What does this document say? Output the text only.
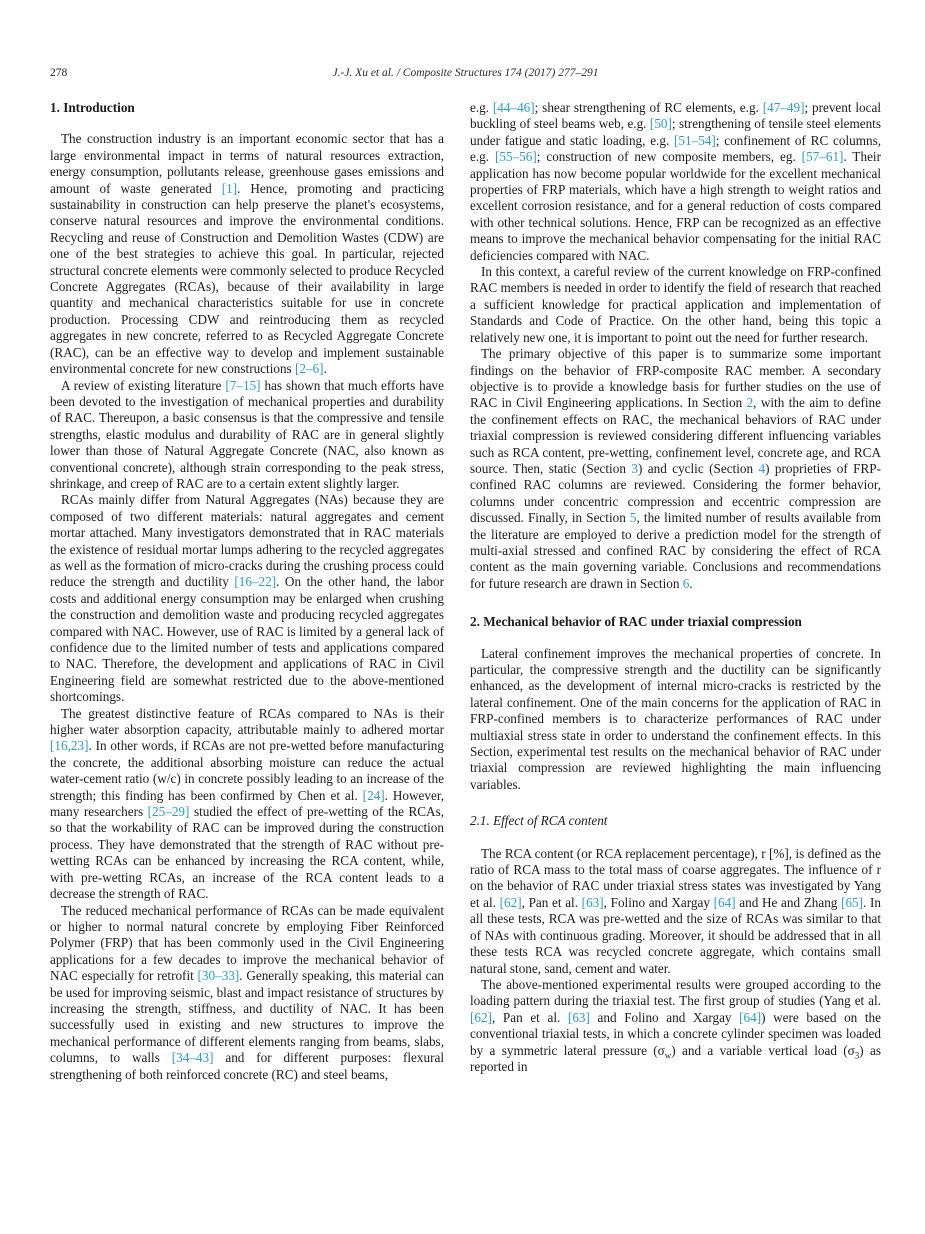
278	J.-J. Xu et al. / Composite Structures 174 (2017) 277–291
1. Introduction

The construction industry is an important economic sector that has a large environmental impact in terms of natural resources extraction, energy consumption, pollutants release, greenhouse gases emissions and amount of waste generated [1]. Hence, promoting and practicing sustainability in construction can help preserve the planet's ecosystems, conserve natural resources and improve the environmental conditions. Recycling and reuse of Construction and Demolition Wastes (CDW) are one of the best strategies to achieve this goal. In particular, rejected structural concrete elements were commonly selected to produce Recycled Concrete Aggregates (RCAs), because of their availability in large quantity and mechanical characteristics suitable for use in concrete production. Processing CDW and reintroducing them as recycled aggregates in new concrete, referred to as Recycled Aggregate Concrete (RAC), can be an effective way to develop and implement sustainable environmental concrete for new constructions [2–6].

A review of existing literature [7–15] has shown that much efforts have been devoted to the investigation of mechanical properties and durability of RAC. Thereupon, a basic consensus is that the compressive and tensile strengths, elastic modulus and durability of RAC are in general slightly lower than those of Natural Aggregate Concrete (NAC, also known as conventional concrete), although strain corresponding to the peak stress, shrinkage, and creep of RAC are to a certain extent slightly larger.

RCAs mainly differ from Natural Aggregates (NAs) because they are composed of two different materials: natural aggregates and cement mortar attached. Many investigators demonstrated that in RAC materials the existence of residual mortar lumps adhering to the recycled aggregates as well as the formation of micro-cracks during the crushing process could reduce the strength and ductility [16–22]. On the other hand, the labor costs and additional energy consumption may be enlarged when crushing the construction and demolition waste and producing recycled aggregates compared with NAC. However, use of RAC is limited by a general lack of confidence due to the limited number of tests and applications compared to NAC. Therefore, the development and applications of RAC in Civil Engineering field are somewhat restricted due to the above-mentioned shortcomings.

The greatest distinctive feature of RCAs compared to NAs is their higher water absorption capacity, attributable mainly to adhered mortar [16,23]. In other words, if RCAs are not pre-wetted before manufacturing the concrete, the additional absorbing moisture can reduce the actual water-cement ratio (w/c) in concrete possibly leading to an increase of the strength; this finding has been confirmed by Chen et al. [24]. However, many researchers [25–29] studied the effect of pre-wetting of the RCAs, so that the workability of RAC can be improved during the construction process. They have demonstrated that the strength of RAC without pre-wetting RCAs can be enhanced by increasing the RCA content, while, with pre-wetting RCAs, an increase of the RCA content leads to a decrease the strength of RAC.

The reduced mechanical performance of RCAs can be made equivalent or higher to normal natural concrete by employing Fiber Reinforced Polymer (FRP) that has been commonly used in the Civil Engineering applications for a few decades to improve the mechanical behavior of NAC especially for retrofit [30–33]. Generally speaking, this material can be used for improving seismic, blast and impact resistance of structures by increasing the strength, stiffness, and ductility of NAC. It has been successfully used in existing and new structures to improve the mechanical performance of different elements ranging from beams, slabs, columns, to walls [34–43] and for different purposes: flexural strengthening of both reinforced concrete (RC) and steel beams,

e.g. [44–46]; shear strengthening of RC elements, e.g. [47–49]; prevent local buckling of steel beams web, e.g. [50]; strengthening of tensile steel elements under fatigue and static loading, e.g. [51–54]; confinement of RC columns, e.g. [55–56]; construction of new composite members, eg. [57–61]. Their application has now become popular worldwide for the excellent mechanical properties of FRP materials, which have a high strength to weight ratios and excellent corrosion resistance, and for a general reduction of costs compared with other technical solutions. Hence, FRP can be recognized as an effective means to improve the mechanical behavior compensating for the initial RAC deficiencies compared with NAC.

In this context, a careful review of the current knowledge on FRP-confined RAC members is needed in order to identify the field of research that reached a sufficient knowledge for practical application and implementation of Standards and Code of Practice. On the other hand, being this topic a relatively new one, it is important to point out the need for further research.

The primary objective of this paper is to summarize some important findings on the behavior of FRP-composite RAC member. A secondary objective is to provide a knowledge basis for further studies on the use of RAC in Civil Engineering applications. In Section 2, with the aim to define the confinement effects on RAC, the mechanical behaviors of RAC under triaxial compression is reviewed considering different influencing variables such as RCA content, pre-wetting, confinement level, concrete age, and RCA source. Then, static (Section 3) and cyclic (Section 4) proprieties of FRP-confined RAC columns are reviewed. Considering the former behavior, columns under concentric compression and eccentric compression are discussed. Finally, in Section 5, the limited number of results available from the literature are employed to derive a prediction model for the strength of multi-axial stressed and confined RAC by considering the effect of RCA content as the main governing variable. Conclusions and recommendations for future research are drawn in Section 6.

2. Mechanical behavior of RAC under triaxial compression

Lateral confinement improves the mechanical properties of concrete. In particular, the compressive strength and the ductility can be significantly enhanced, as the development of internal micro-cracks is restricted by the lateral confinement. One of the main concerns for the application of RAC in FRP-confined members is to characterize performances of RAC under multiaxial stress state in order to understand the confinement effects. In this Section, experimental test results on the mechanical behavior of RAC under triaxial compression are reviewed highlighting the main influencing variables.

2.1. Effect of RCA content

The RCA content (or RCA replacement percentage), r [%], is defined as the ratio of RCA mass to the total mass of coarse aggregates. The influence of r on the behavior of RAC under triaxial stress states was investigated by Yang et al. [62], Pan et al. [63], Folino and Xargay [64] and He and Zhang [65]. In all these tests, RCA was pre-wetted and the size of RCAs was similar to that of NAs with continuous grading. Moreover, it should be addressed that in all these tests RCA was recycled concrete aggregate, which contains small natural stone, sand, cement and water.

The above-mentioned experimental results were grouped according to the loading pattern during the triaxial test. The first group of studies (Yang et al. [62], Pan et al. [63] and Folino and Xargay [64]) were based on the conventional triaxial tests, in which a concrete cylinder specimen was loaded by a symmetric lateral pressure $(\sigma_w)$ and a variable vertical load $(\sigma_3)$ as reported in
